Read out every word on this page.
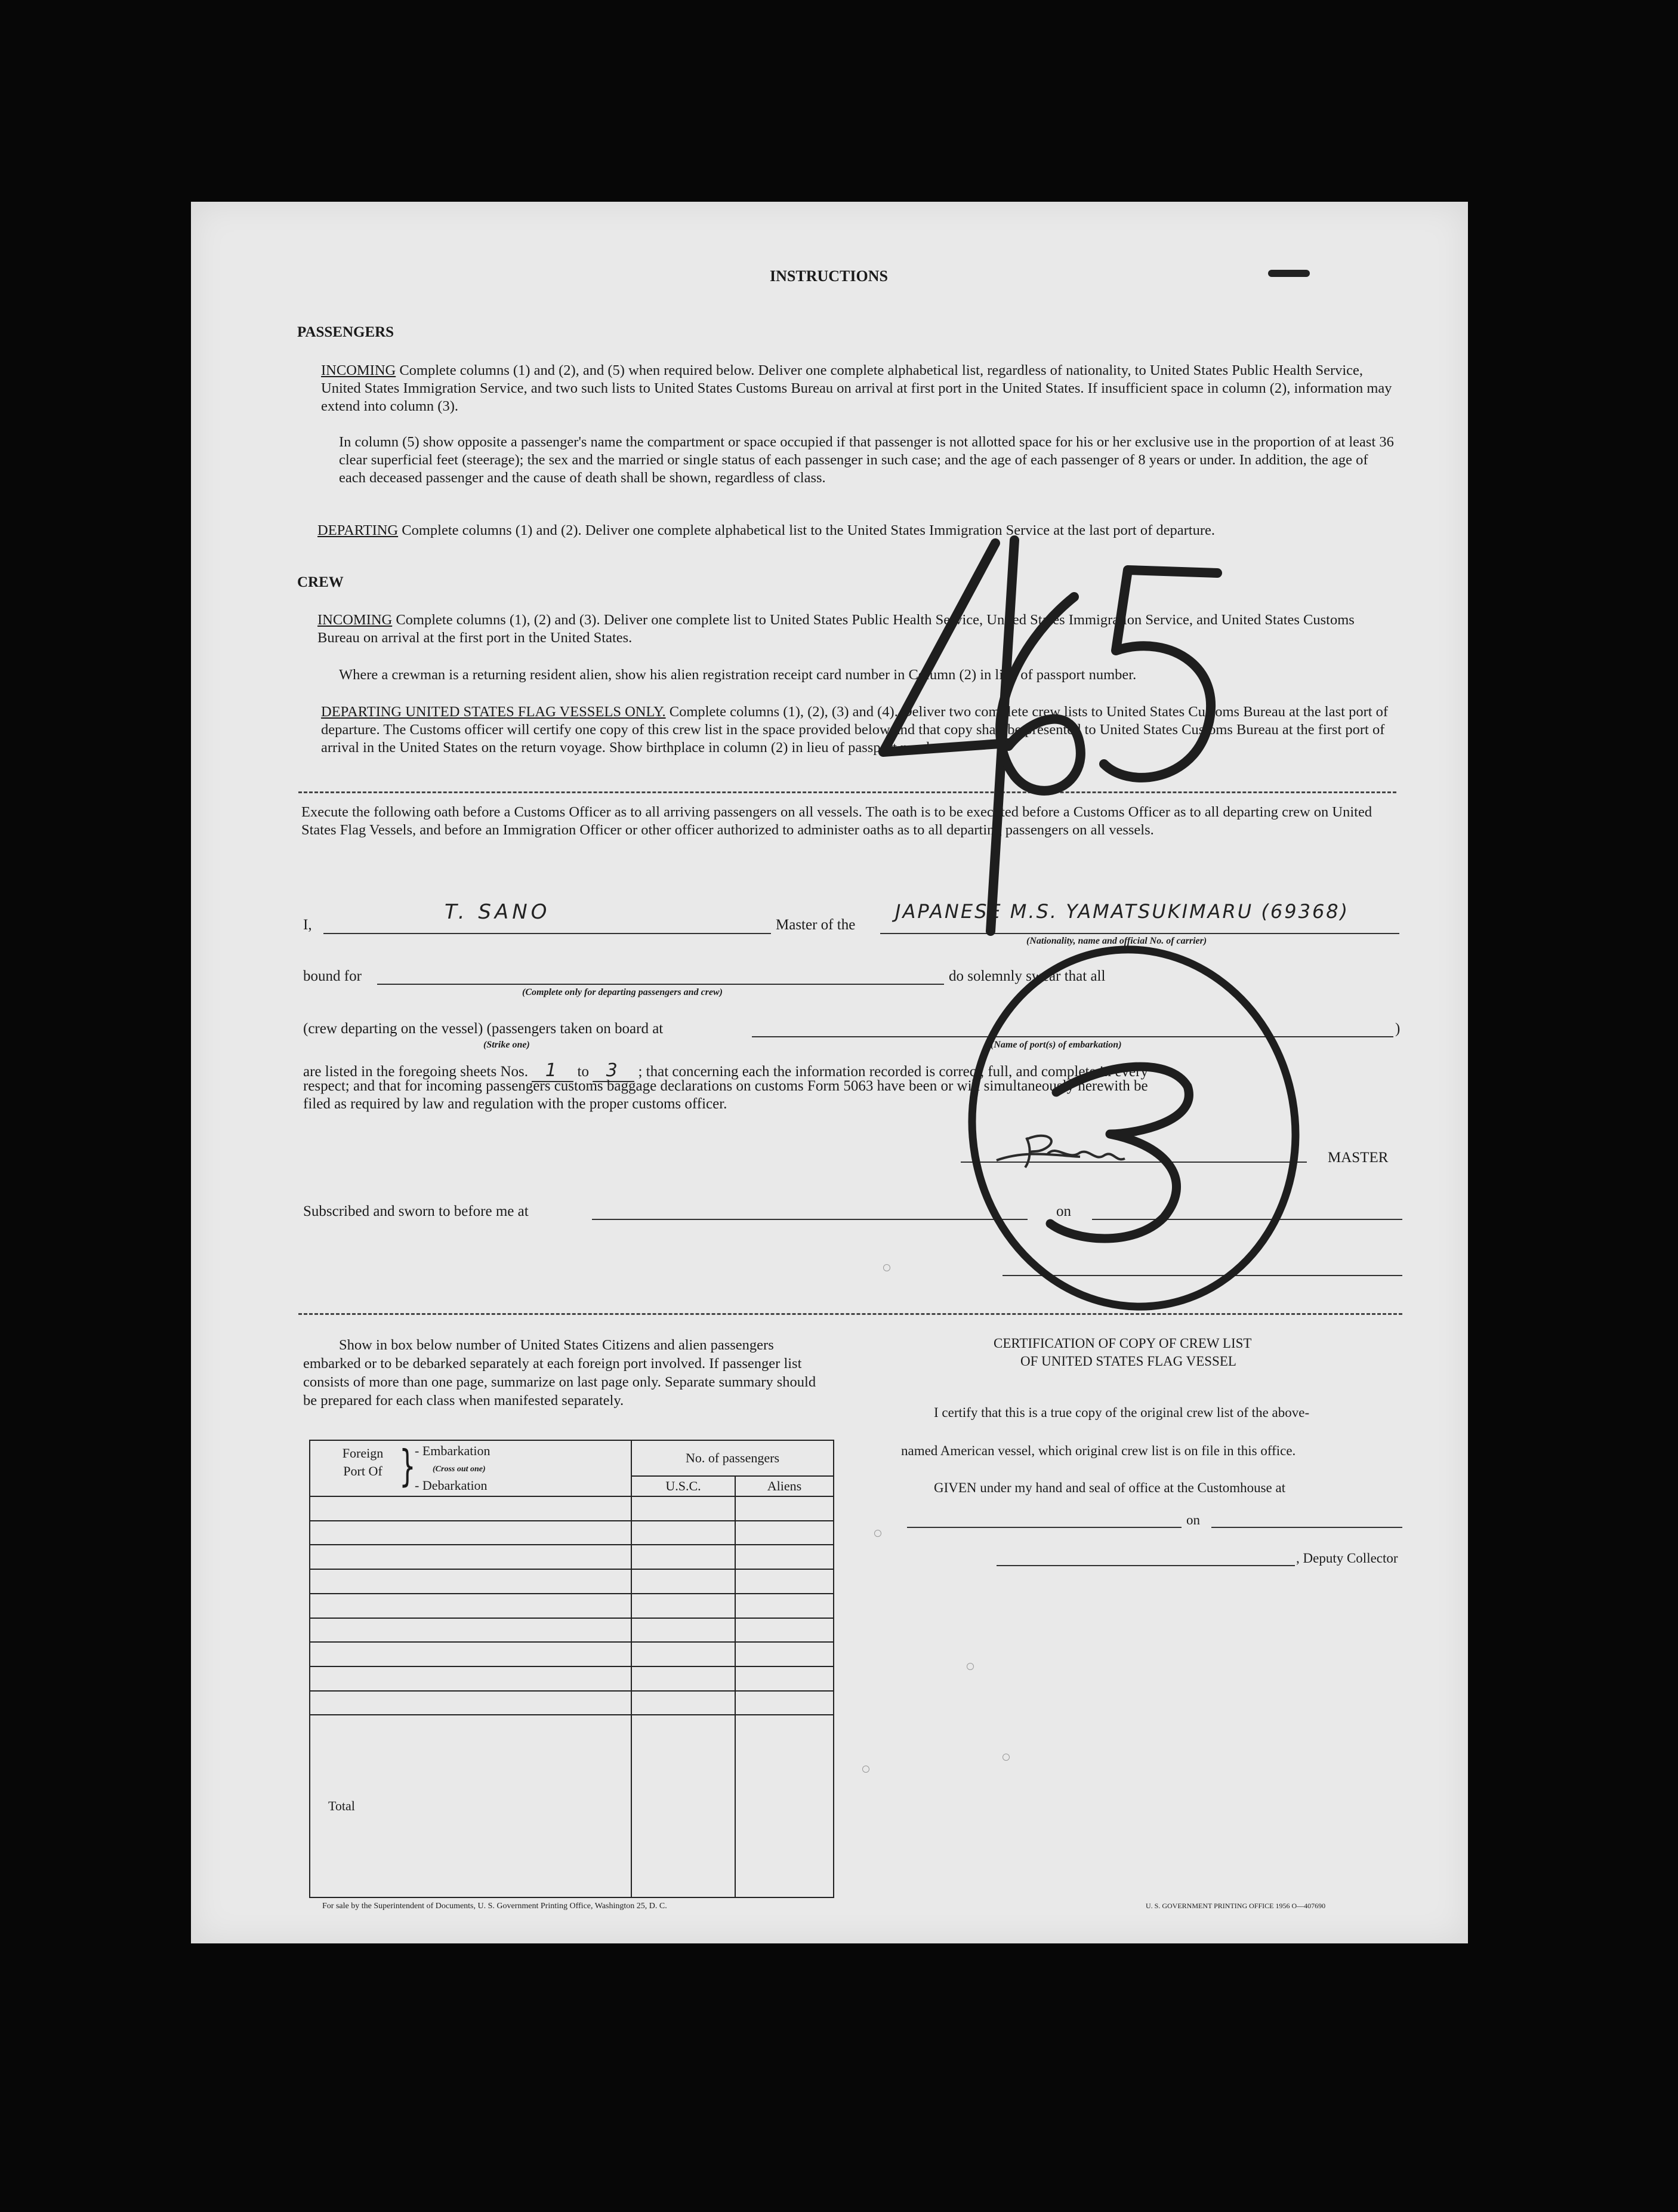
INSTRUCTIONS
PASSENGERS
INCOMING Complete columns (1) and (2), and (5) when required below. Deliver one complete alphabetical list, regardless of nationality, to United States Public Health Service, United States Immigration Service, and two such lists to United States Customs Bureau on arrival at first port in the United States. If insufficient space in column (2), information may extend into column (3).
In column (5) show opposite a passenger's name the compartment or space occupied if that passenger is not allotted space for his or her exclusive use in the proportion of at least 36 clear superficial feet (steerage); the sex and the married or single status of each passenger in such case; and the age of each passenger of 8 years or under. In addition, the age of each deceased passenger and the cause of death shall be shown, regardless of class.
DEPARTING Complete columns (1) and (2). Deliver one complete alphabetical list to the United States Immigration Service at the last port of departure.
CREW
INCOMING Complete columns (1), (2) and (3). Deliver one complete list to United States Public Health Service, United States Immigration Service, and United States Customs Bureau on arrival at the first port in the United States.
Where a crewman is a returning resident alien, show his alien registration receipt card number in Column (2) in lieu of passport number.
DEPARTING UNITED STATES FLAG VESSELS ONLY. Complete columns (1), (2), (3) and (4). Deliver two complete crew lists to United States Customs Bureau at the last port of departure. The Customs officer will certify one copy of this crew list in the space provided below and that copy shall be presented to United States Customs Bureau at the first port of arrival in the United States on the return voyage. Show birthplace in column (2) in lieu of passport number.
Execute the following oath before a Customs Officer as to all arriving passengers on all vessels. The oath is to be executed before a Customs Officer as to all departing crew on United States Flag Vessels, and before an Immigration Officer or other officer authorized to administer oaths as to all departing passengers on all vessels.
I,
T. SANO
Master of the
JAPANESE M.S. YAMATSUKIMARU (69368)
(Nationality, name and official No. of carrier)
bound for
(Complete only for departing passengers and crew)
do solemnly swear that all
(crew departing on the vessel) (passengers taken on board at	)
(Strike one)	(Name of port(s) of embarkation)
are listed in the foregoing sheets Nos. 1 to 3 ; that concerning each the information recorded is correct, full, and complete in every
respect; and that for incoming passengers customs baggage declarations on customs Form 5063 have been or will simultaneously herewith be
filed as required by law and regulation with the proper customs officer.
MASTER
Subscribed and sworn to before me at	on
Show in box below number of United States Citizens and alien passengers embarked or to be debarked separately at each foreign port involved. If passenger list consists of more than one page, summarize on last page only. Separate summary should be prepared for each class when manifested separately.
Foreign Port Of }
- Embarkation
(Cross out one)
- Debarkation	No. of passengers	
	U.S.C.	Aliens

Total		
CERTIFICATION OF COPY OF CREW LIST
OF UNITED STATES FLAG VESSEL
I certify that this is a true copy of the original crew list of the above-
named American vessel, which original crew list is on file in this office.
GIVEN under my hand and seal of office at the Customhouse at
on
, Deputy Collector
For sale by the Superintendent of Documents, U. S. Government Printing Office, Washington 25, D. C.	U. S. GOVERNMENT PRINTING OFFICE 1956 O—407690
